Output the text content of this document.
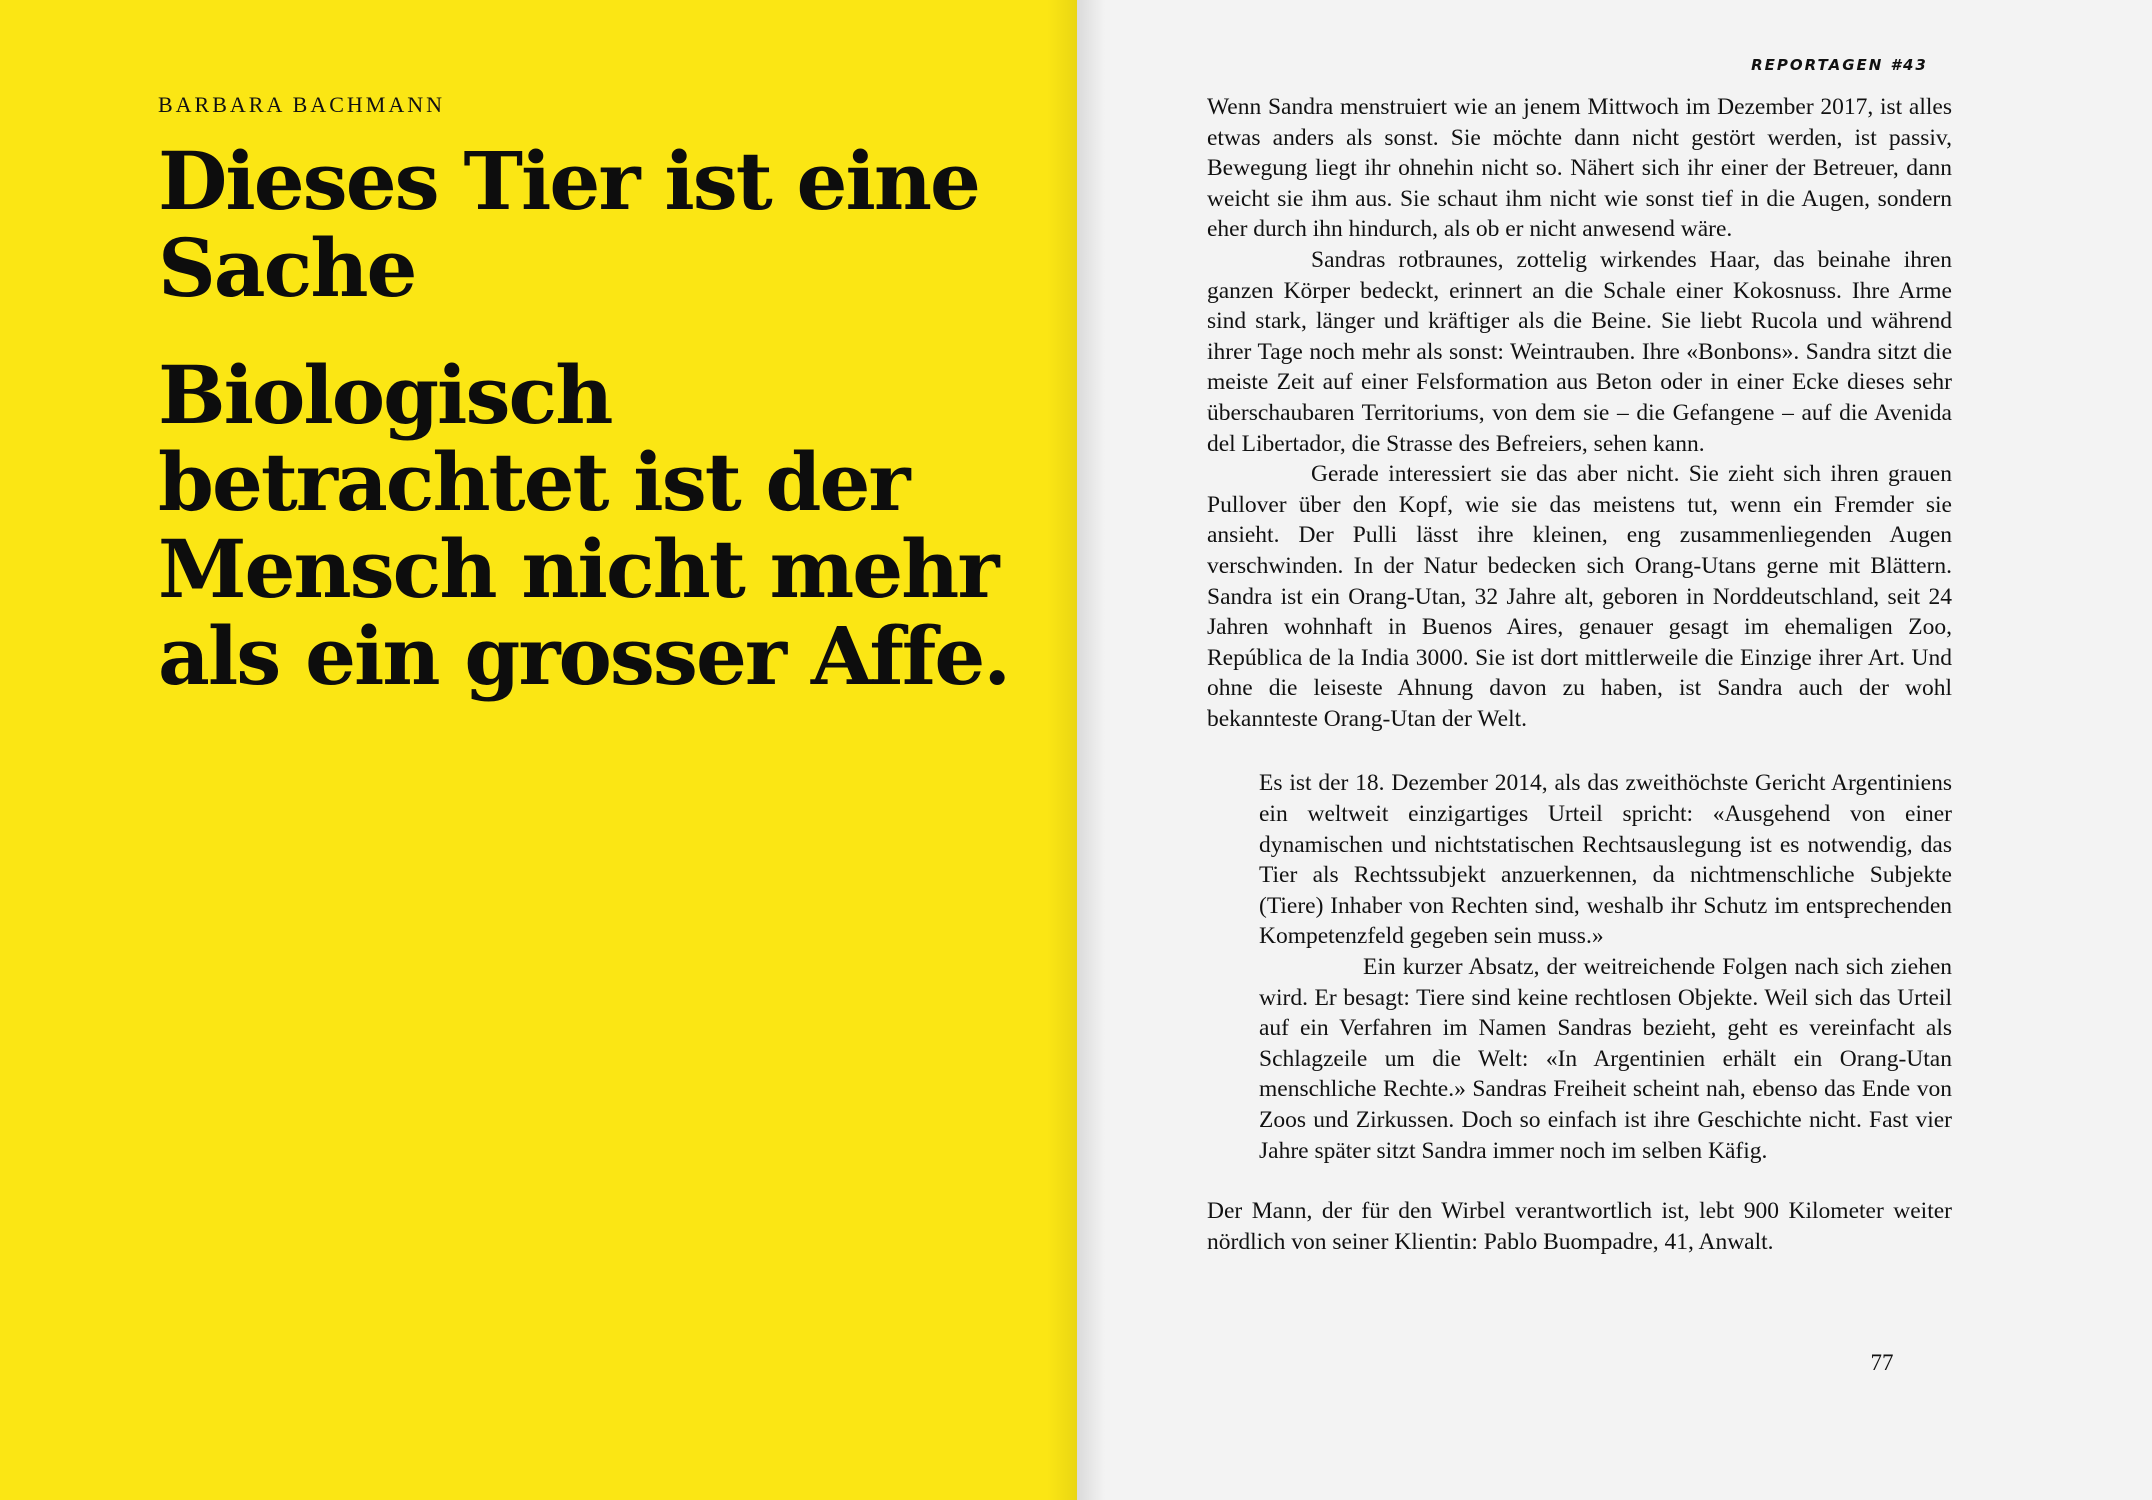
BARBARA BACHMANN
Dieses Tier ist eine Sache
Biologisch betrachtet ist der Mensch nicht mehr als ein grosser Affe.
REPORTAGEN #43

Wenn Sandra menstruiert wie an jenem Mittwoch im Dezember 2017, ist alles etwas anders als sonst. Sie möchte dann nicht gestört werden, ist passiv, Bewegung liegt ihr ohnehin nicht so. Nähert sich ihr einer der Betreuer, dann weicht sie ihm aus. Sie schaut ihm nicht wie sonst tief in die Augen, sondern eher durch ihn hindurch, als ob er nicht anwesend wäre.

Sandras rotbraunes, zottelig wirkendes Haar, das beinahe ihren ganzen Körper bedeckt, erinnert an die Schale einer Kokosnuss. Ihre Arme sind stark, länger und kräftiger als die Beine. Sie liebt Rucola und während ihrer Tage noch mehr als sonst: Weintrauben. Ihre «Bonbons». Sandra sitzt die meiste Zeit auf einer Felsformation aus Beton oder in einer Ecke dieses sehr überschaubaren Territoriums, von dem sie – die Gefangene – auf die Avenida del Libertador, die Strasse des Befreiers, sehen kann.

Gerade interessiert sie das aber nicht. Sie zieht sich ihren grauen Pullover über den Kopf, wie sie das meistens tut, wenn ein Fremder sie ansieht. Der Pulli lässt ihre kleinen, eng zusammenliegenden Augen verschwinden. In der Natur bedecken sich Orang-Utans gerne mit Blättern. Sandra ist ein Orang-Utan, 32 Jahre alt, geboren in Norddeutschland, seit 24 Jahren wohnhaft in Buenos Aires, genauer gesagt im ehemaligen Zoo, República de la India 3000. Sie ist dort mittlerweile die Einzige ihrer Art. Und ohne die leiseste Ahnung davon zu haben, ist Sandra auch der wohl bekannteste Orang-Utan der Welt.

Es ist der 18. Dezember 2014, als das zweithöchste Gericht Argentiniens ein weltweit einzigartiges Urteil spricht: «Ausgehend von einer dynamischen und nichtstatischen Rechtsauslegung ist es notwendig, das Tier als Rechtssubjekt anzuerkennen, da nichtmenschliche Subjekte (Tiere) Inhaber von Rechten sind, weshalb ihr Schutz im entsprechenden Kompetenzfeld gegeben sein muss.»

Ein kurzer Absatz, der weitreichende Folgen nach sich ziehen wird. Er besagt: Tiere sind keine rechtlosen Objekte. Weil sich das Urteil auf ein Verfahren im Namen Sandras bezieht, geht es vereinfacht als Schlagzeile um die Welt: «In Argentinien erhält ein Orang-Utan menschliche Rechte.» Sandras Freiheit scheint nah, ebenso das Ende von Zoos und Zirkussen. Doch so einfach ist ihre Geschichte nicht. Fast vier Jahre später sitzt Sandra immer noch im selben Käfig.

Der Mann, der für den Wirbel verantwortlich ist, lebt 900 Kilometer weiter nördlich von seiner Klientin: Pablo Buompadre, 41, Anwalt.

77
